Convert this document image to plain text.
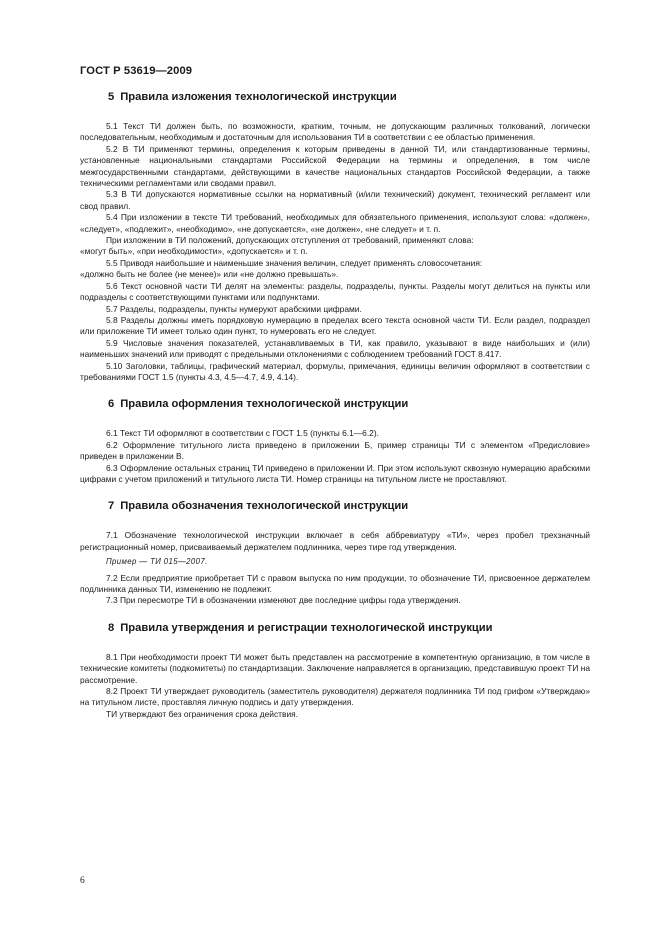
ГОСТ Р 53619—2009
5 Правила изложения технологической инструкции

5.1 Текст ТИ должен быть, по возможности, кратким, точным, не допускающим различных толкований, логически последовательным, необходимым и достаточным для использования ТИ в соответствии с ее областью применения.

5.2 В ТИ применяют термины, определения к которым приведены в данной ТИ, или стандартизованные термины, установленные национальными стандартами Российской Федерации на термины и определения, в том числе межгосударственными стандартами, действующими в качестве национальных стандартов Российской Федерации, а также техническими регламентами или сводами правил.

5.3 В ТИ допускаются нормативные ссылки на нормативный (и/или технический) документ, технический регламент или свод правил.

5.4 При изложении в тексте ТИ требований, необходимых для обязательного применения, используют слова: «должен», «следует», «подлежит», «необходимо», «не допускается», «не должен», «не следует» и т. п.

При изложении в ТИ положений, допускающих отступления от требований, применяют слова:

«могут быть», «при необходимости», «допускается» и т. п.

5.5 Приводя наибольшие и наименьшие значения величин, следует применять словосочетания:

«должно быть не более (не менее)» или «не должно превышать».

5.6 Текст основной части ТИ делят на элементы: разделы, подразделы, пункты. Разделы могут делиться на пункты или подразделы с соответствующими пунктами или подпунктами.

5.7 Разделы, подразделы, пункты нумеруют арабскими цифрами.

5.8 Разделы должны иметь порядковую нумерацию в пределах всего текста основной части ТИ. Если раздел, подраздел или приложение ТИ имеет только один пункт, то нумеровать его не следует.

5.9 Числовые значения показателей, устанавливаемых в ТИ, как правило, указывают в виде наибольших и (или) наименьших значений или приводят с предельными отклонениями с соблюдением требований ГОСТ 8.417.

5.10 Заголовки, таблицы, графический материал, формулы, примечания, единицы величин оформляют в соответствии с требованиями ГОСТ 1.5 (пункты 4.3, 4.5—4.7, 4.9, 4.14).

6 Правила оформления технологической инструкции

6.1 Текст ТИ оформляют в соответствии с ГОСТ 1.5 (пункты 6.1—6.2).

6.2 Оформление титульного листа приведено в приложении Б, пример страницы ТИ с элементом «Предисловие» приведен в приложении В.

6.3 Оформление остальных страниц ТИ приведено в приложении И. При этом используют сквозную нумерацию арабскими цифрами с учетом приложений и титульного листа ТИ. Номер страницы на титульном листе не проставляют.

7 Правила обозначения технологической инструкции

7.1 Обозначение технологической инструкции включает в себя аббревиатуру «ТИ», через пробел трехзначный регистрационный номер, присваиваемый держателем подлинника, через тире год утверждения.

Пример — ТИ 015—2007.

7.2 Если предприятие приобретает ТИ с правом выпуска по ним продукции, то обозначение ТИ, присвоенное держателем подлинника данных ТИ, изменению не подлежит.

7.3 При пересмотре ТИ в обозначении изменяют две последние цифры года утверждения.

8 Правила утверждения и регистрации технологической инструкции

8.1 При необходимости проект ТИ может быть представлен на рассмотрение в компетентную организацию, в том числе в технические комитеты (подкомитеты) по стандартизации. Заключение направляется в организацию, представившую проект ТИ на рассмотрение.

8.2 Проект ТИ утверждает руководитель (заместитель руководителя) держателя подлинника ТИ под грифом «Утверждаю» на титульном листе, проставляя личную подпись и дату утверждения.

ТИ утверждают без ограничения срока действия.

6
